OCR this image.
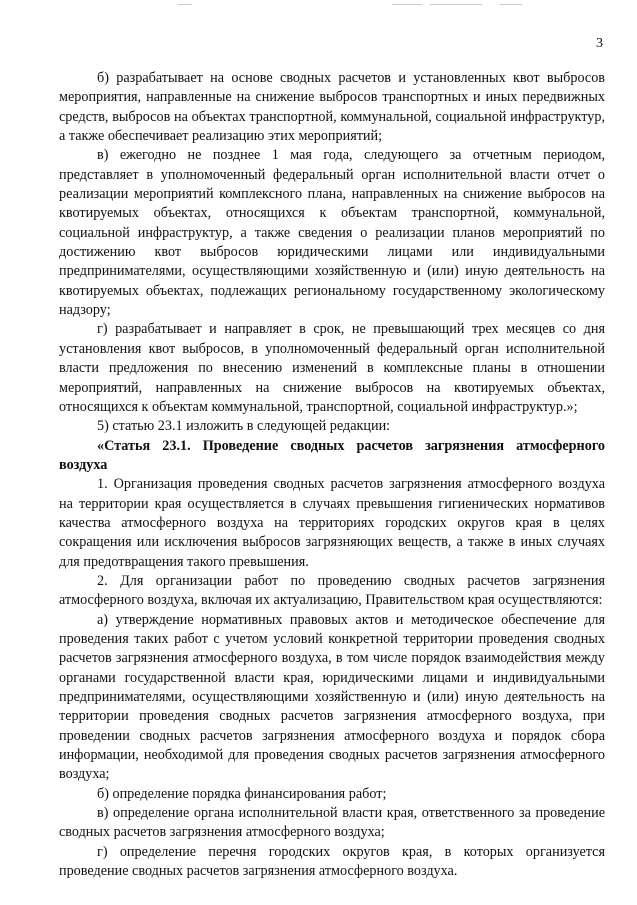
3

б) разрабатывает на основе сводных расчетов и установленных квот выбросов мероприятия, направленные на снижение выбросов транспортных и иных передвижных средств, выбросов на объектах транспортной, коммунальной, социальной инфраструктур, а также обеспечивает реализацию этих мероприятий;

в) ежегодно не позднее 1 мая года, следующего за отчетным периодом, представляет в уполномоченный федеральный орган исполнительной власти отчет о реализации мероприятий комплексного плана, направленных на снижение выбросов на квотируемых объектах, относящихся к объектам транспортной, коммунальной, социальной инфраструктур, а также сведения о реализации планов мероприятий по достижению квот выбросов юридическими лицами или индивидуальными предпринимателями, осуществляющими хозяйственную и (или) иную деятельность на квотируемых объектах, подлежащих региональному государственному экологическому надзору;

г) разрабатывает и направляет в срок, не превышающий трех месяцев со дня установления квот выбросов, в уполномоченный федеральный орган исполнительной власти предложения по внесению изменений в комплексные планы в отношении мероприятий, направленных на снижение выбросов на квотируемых объектах, относящихся к объектам коммунальной, транспортной, социальной инфраструктур.»;

5) статью 23.1 изложить в следующей редакции:

«Статья 23.1. Проведение сводных расчетов загрязнения атмосферного воздуха

1. Организация проведения сводных расчетов загрязнения атмосферного воздуха на территории края осуществляется в случаях превышения гигиенических нормативов качества атмосферного воздуха на территориях городских округов края в целях сокращения или исключения выбросов загрязняющих веществ, а также в иных случаях для предотвращения такого превышения.

2. Для организации работ по проведению сводных расчетов загрязнения атмосферного воздуха, включая их актуализацию, Правительством края осуществляются:

а) утверждение нормативных правовых актов и методическое обеспечение для проведения таких работ с учетом условий конкретной территории проведения сводных расчетов загрязнения атмосферного воздуха, в том числе порядок взаимодействия между органами государственной власти края, юридическими лицами и индивидуальными предпринимателями, осуществляющими хозяйственную и (или) иную деятельность на территории проведения сводных расчетов загрязнения атмосферного воздуха, при проведении сводных расчетов загрязнения атмосферного воздуха и порядок сбора информации, необходимой для проведения сводных расчетов загрязнения атмосферного воздуха;

б) определение порядка финансирования работ;

в) определение органа исполнительной власти края, ответственного за проведение сводных расчетов загрязнения атмосферного воздуха;

г) определение перечня городских округов края, в которых организуется проведение сводных расчетов загрязнения атмосферного воздуха.
